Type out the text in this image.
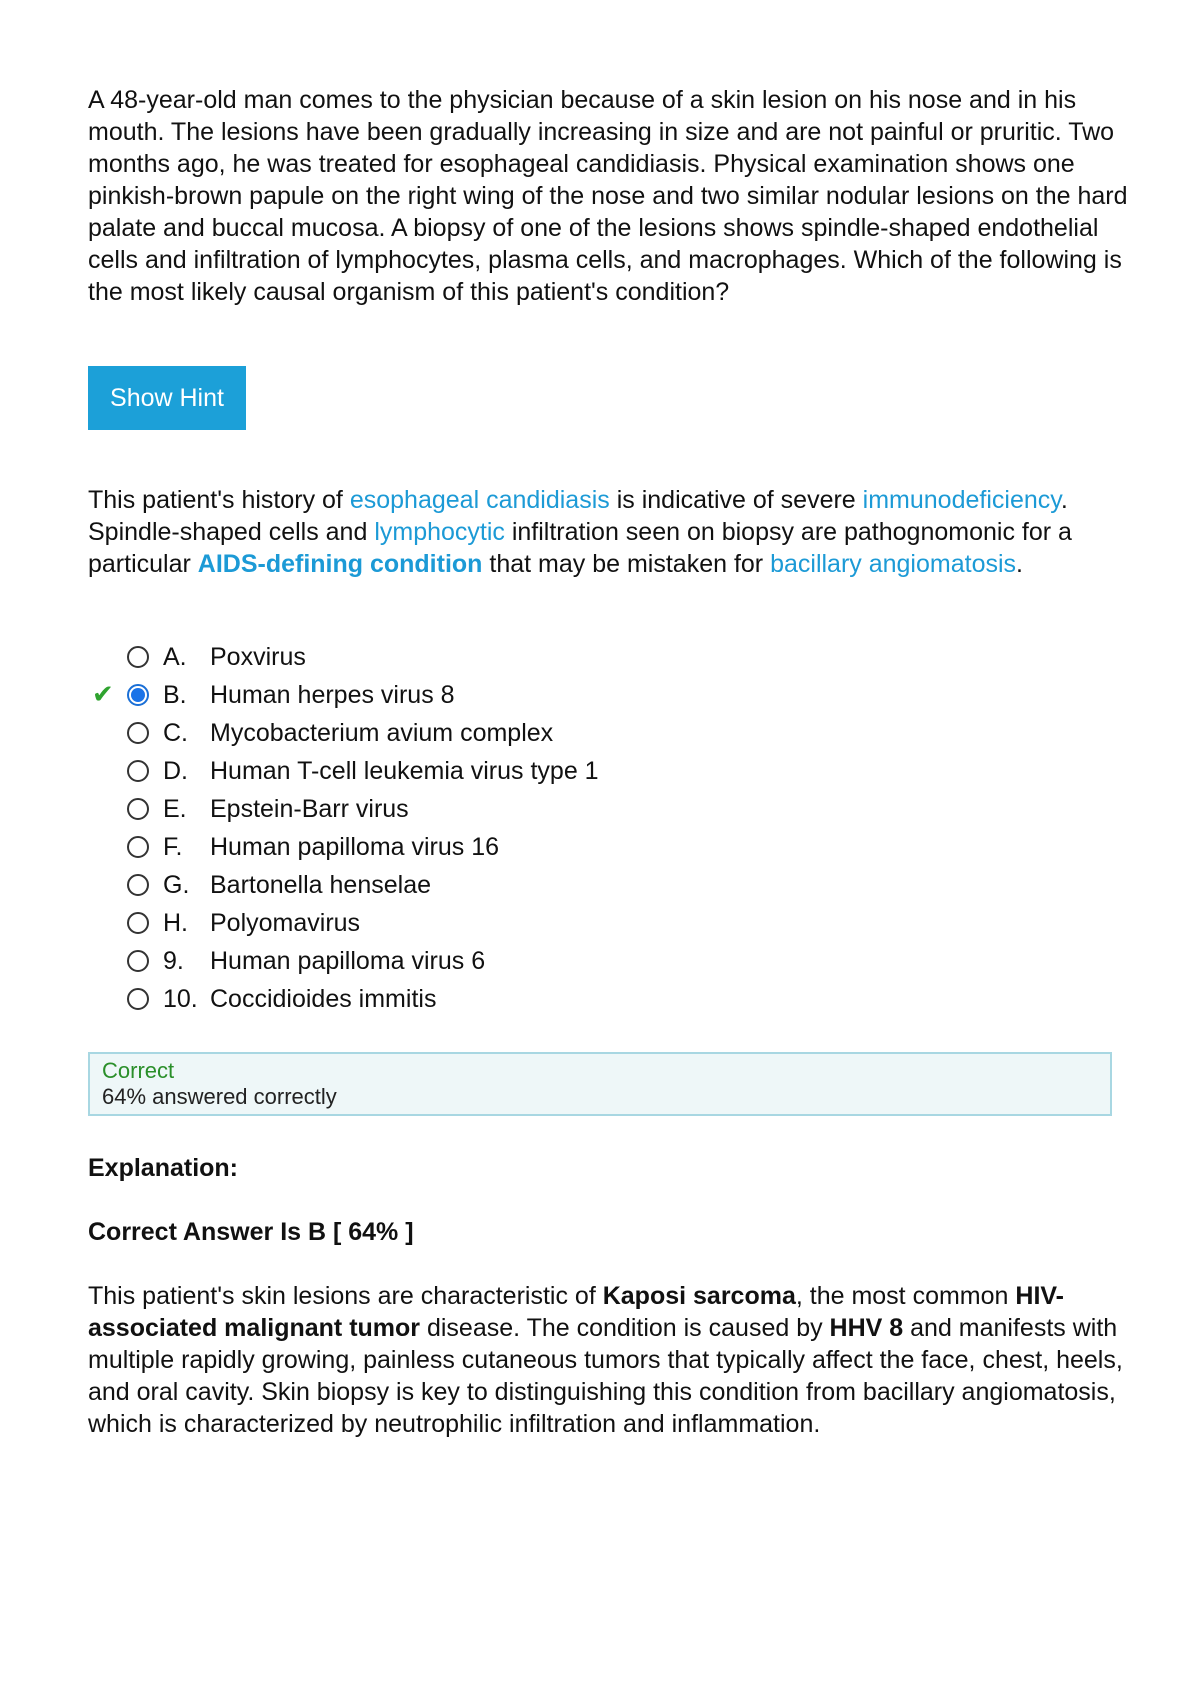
A 48-year-old man comes to the physician because of a skin lesion on his nose and in his mouth. The lesions have been gradually increasing in size and are not painful or pruritic. Two months ago, he was treated for esophageal candidiasis. Physical examination shows one pinkish-brown papule on the right wing of the nose and two similar nodular lesions on the hard palate and buccal mucosa. A biopsy of one of the lesions shows spindle-shaped endothelial cells and infiltration of lymphocytes, plasma cells, and macrophages. Which of the following is the most likely causal organism of this patient's condition?

Show Hint

This patient's history of esophageal candidiasis is indicative of severe immunodeficiency. Spindle-shaped cells and lymphocytic infiltration seen on biopsy are pathognomonic for a particular AIDS-defining condition that may be mistaken for bacillary angiomatosis.

A. Poxvirus
✔ B. Human herpes virus 8
C. Mycobacterium avium complex
D. Human T-cell leukemia virus type 1
E. Epstein-Barr virus
F. Human papilloma virus 16
G. Bartonella henselae
H. Polyomavirus
9. Human papilloma virus 6
10. Coccidioides immitis
Correct
64% answered correctly

Explanation:

Correct Answer Is B [ 64% ]

This patient's skin lesions are characteristic of Kaposi sarcoma, the most common HIV-associated malignant tumor disease. The condition is caused by HHV 8 and manifests with multiple rapidly growing, painless cutaneous tumors that typically affect the face, chest, heels, and oral cavity. Skin biopsy is key to distinguishing this condition from bacillary angiomatosis, which is characterized by neutrophilic infiltration and inflammation.
